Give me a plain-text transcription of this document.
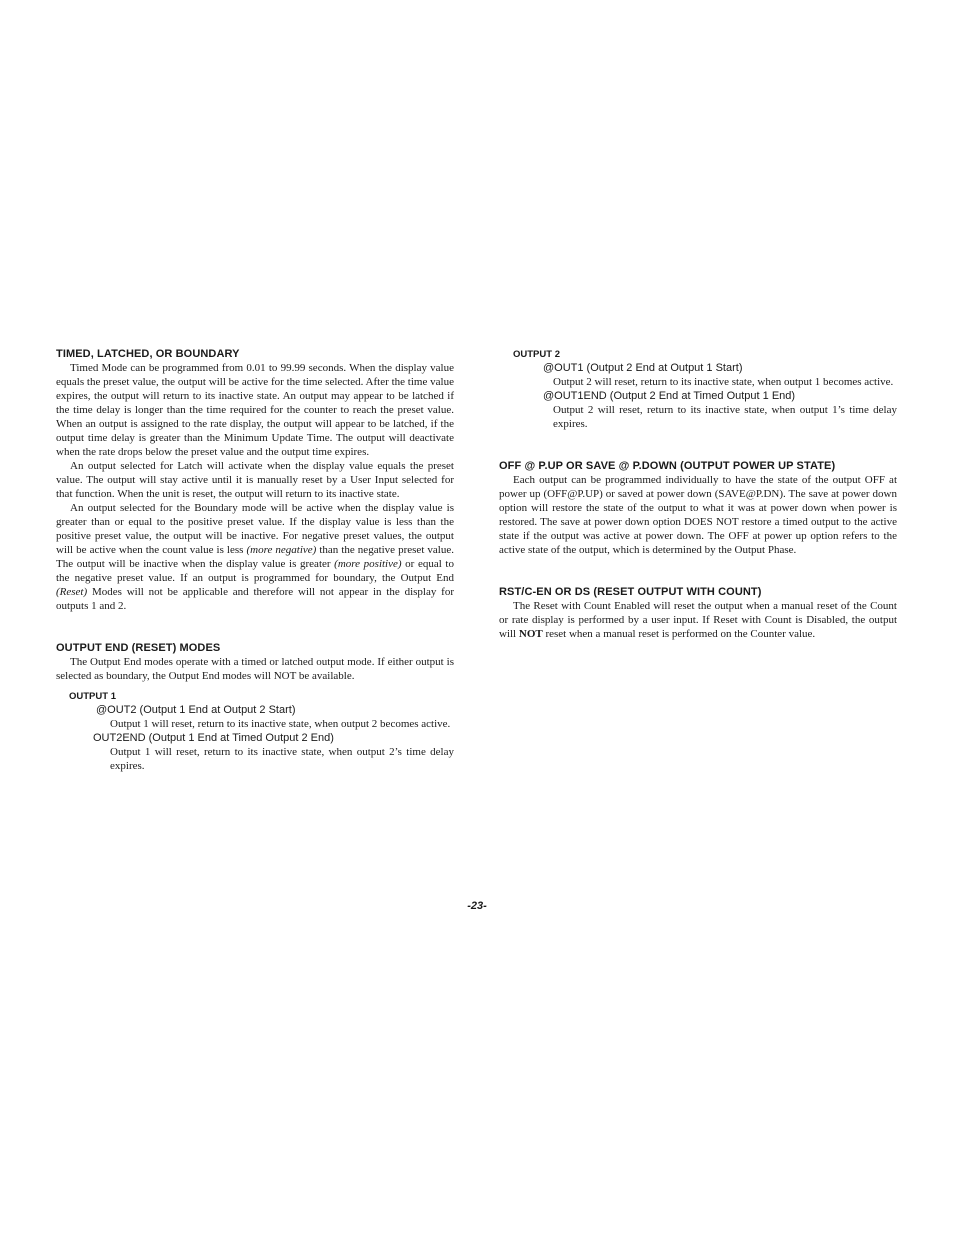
TIMED, LATCHED, OR BOUNDARY

Timed Mode can be programmed from 0.01 to 99.99 seconds. When the display value equals the preset value, the output will be active for the time selected. After the time value expires, the output will return to its inactive state. An output may appear to be latched if the time delay is longer than the time required for the counter to reach the preset value. When an output is assigned to the rate display, the output will appear to be latched, if the output time delay is greater than the Minimum Update Time. The output will deactivate when the rate drops below the preset value and the output time expires.

An output selected for Latch will activate when the display value equals the preset value. The output will stay active until it is manually reset by a User Input selected for that function. When the unit is reset, the output will return to its inactive state.

An output selected for the Boundary mode will be active when the display value is greater than or equal to the positive preset value. If the display value is less than the positive preset value, the output will be inactive. For negative preset values, the output will be active when the count value is less (more negative) than the negative preset value. The output will be inactive when the display value is greater (more positive) or equal to the negative preset value. If an output is programmed for boundary, the Output End (Reset) Modes will not be applicable and therefore will not appear in the display for outputs 1 and 2.

OUTPUT END (RESET) MODES

The Output End modes operate with a timed or latched output mode. If either output is selected as boundary, the Output End modes will NOT be available.

OUTPUT 1

@OUT2 (Output 1 End at Output 2 Start)

Output 1 will reset, return to its inactive state, when output 2 becomes active.

OUT2END (Output 1 End at Timed Output 2 End)

Output 1 will reset, return to its inactive state, when output 2’s time delay expires.

OUTPUT 2

@OUT1 (Output 2 End at Output 1 Start)

Output 2 will reset, return to its inactive state, when output 1 becomes active.

@OUT1END (Output 2 End at Timed Output 1 End)

Output 2 will reset, return to its inactive state, when output 1’s time delay expires.

OFF @ P.UP OR SAVE @ P.DOWN (OUTPUT POWER UP STATE)

Each output can be programmed individually to have the state of the output OFF at power up (OFF@P.UP) or saved at power down (SAVE@P.DN). The save at power down option will restore the state of the output to what it was at power down when power is restored. The save at power down option DOES NOT restore a timed output to the active state if the output was active at power down. The OFF at power up option refers to the active state of the output, which is determined by the Output Phase.

RST/C-EN OR DS (RESET OUTPUT WITH COUNT)

The Reset with Count Enabled will reset the output when a manual reset of the Count or rate display is performed by a user input. If Reset with Count is Disabled, the output will NOT reset when a manual reset is performed on the Counter value.

-23-
